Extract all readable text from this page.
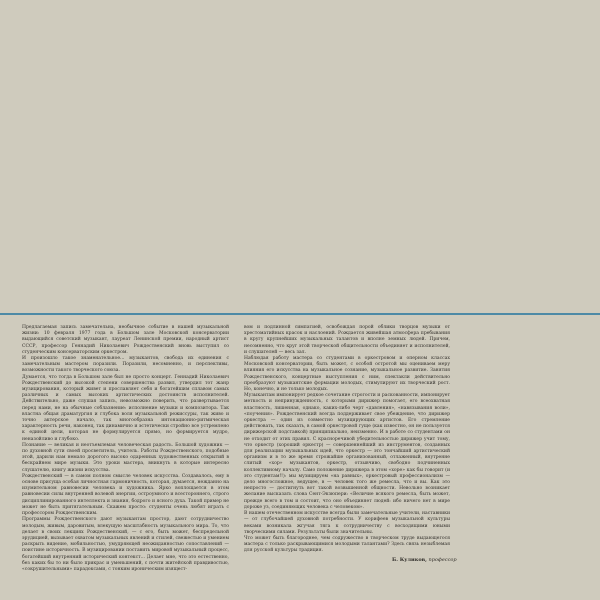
Предлагаемая запись замечательна, необычное событие в нашей музыкальной жизни: 10 февраля 1977 года в Большом зале Московской консерватории выдающийся советский музыкант, лауреат Ленинской премии, народный артист СССР, профессор Геннадий Николаевич Рождественский вновь выступил со студенческим консерваторским оркестром.
И произошло такое знаменательное... музыкантов, свобода их единения с замечательным мастером поразили. Поразили, несомненно, и перспективы, возможности такого творческого союза.
Думается, что тогда в Большом зале был не просто концерт. Геннадий Николаевич Рождественский до высокой степени совершенства развил, утвердил тот жанр музицирования, который живет и прославляет себя и богатейшим сплавом самых различных и самых высоких артистических достоинств исполнителей. Действительно, даже слушая запись, невозможно поверить, что развертывается перед нами, не на обычные соблазнение: исполнение музыки и композитора. Так властна общая драматургия и глубока воля музыкальной режиссуры, так живо и точно актерское начало, так многообразна интонационно-ритмическая характерность речи, наконец, так динамично и эстетически стройно все устремлено к единой цели, которая не формулируется прямо, но формируется мудро, неназойливо и глубоко.
Познание — великая и неотъемлемая человеческая радость. Большой художник — по духовной сути своей просветитель, учитель. Работы Рождественского, подобные этой, дарили нам немало дорогого высоко одаренных художественных открытий в бескрайнем мире музыки. Это уроки мастера, вникнуть в которые интересно слушателю, книгу жизни искусства.
Рождественский — в самом полном смысле человек искусства. Создавалось, ему в основе присуща особая личностная гармоничность, которая, думается, нежданно на изумительном равновесии человека и художника. Ярко воплощается в этом равновесии силы внутренней волевой энергии, остроумного и всестороннего, строго дисциплинированного интеллекта и знания, бодрого и ясного духа. Такой пример не может не быть притягательным. Скажем просто: студенты очень любят играть с профессором Рождественским.
Программы Рождественского дают музыкантам простор, дают сотрудничество молодым, живым, даровитым, влекущую масштабность музыкального мира. То, что делает в своих лекциях Рождественский, — с его, быть может, беспредельной эрудицией, вызывает охватом музыкальных явлений и стилей, свежестью и умением раскрыть видение, мобильностью, умудряющей неожиданностью сопоставлений — поистине историчность. В музицировании поставить мировой музыкальный процесс, богатейший внутренний исторический контекст... Делает мне, что это естественно, без каких бы то ни было прикрас и уменьшений, с почти житейской правдивостью, «сокрушительными» парадоксами, с тонким ироническим изящест-
вом и подлинной симпатией, освобождая порой облики творцов музыки от хрестоматийных красок и наслоений. Рождается живейшая атмосфера пребывания в кругу крупнейших музыкальных талантов и вполне земных людей. Причем, несомненно, что круг этой творческой общительности объединяет и исполнителей, и слушателей — весь зал.
Наблюдая работу мастера со студентами в оркестровом и оперном классах Московской консерватории, быть может, с особой остротой мы оцениваем меру влияния его искусства на музыкальное сознание, музыкальное развитие. Занятия Рождественского, концертные выступления с ним, спектакли действительно преобразуют музыкантские формации молодых, стимулируют их творческий рост. Но, конечно, и не только молодых.
Музыкантам импонирует редкое сочетание строгости и раскованности, импонирует меткость и непринужденность, с которыми дирижер помогает, его всеохватная властность, лишенная, однако, каких-либо черт «давления», «навязывания воли», «поучения». Рождественский всегда поддерживает свое убеждение, что дирижер оркестра — один из совместно музицирующих артистов. Его стремление действовать, так сказать, в самой оркестровой гуще (как известно, он не пользуется дирижерской подставкой) принципиально, неизменно. И в работе со студентами он не отходит от этих правил. С красноречивой убедительностью дирижер учит тому, что оркестр (хороший оркестр) — совершеннейший из инструментов, созданных для реализации музыкальных идей, что оркестр — это тончайший артистический организм и в то же время строжайше организованный, отлаженный, внутренне слитый «хор» музыкантов, оркестр, отзывчиво, свободно подчиненных коллективному началу. Само положение дирижера в этом «хоре» как бы говорит (и это студентам!!): мы музицируем «на равных», оркестровый профессионализм — дело многосложное, ведущее, в — человек того же ремесла, что и вы. Как это непросто — достигнуть вот такой возвышенной общности. Невольно возникает желание высказать слова Сент-Экзюпери: «Величие всякого ремесла, быть может, прежде всего в том и состоит, что оно объединяет людей: ибо ничего нет в мире дороже уз, соединяющих человека с человеком».
В нашем отечественном искусстве всегда были замечательные учители, наставники — от глубочайшей духовной потребности. У корифеев музыкальной культуры веками возникала жгучая тяга к сотрудничеству с восходящими юными творческими силами. Результаты были значительны.
Что может быть благороднее, чем содружество в творческом труде выдающегося мастера с только раскрывающимися молодыми талантами? Здесь связь незыблемая для русской культуры традиция.
Б. Куликов, профессор
